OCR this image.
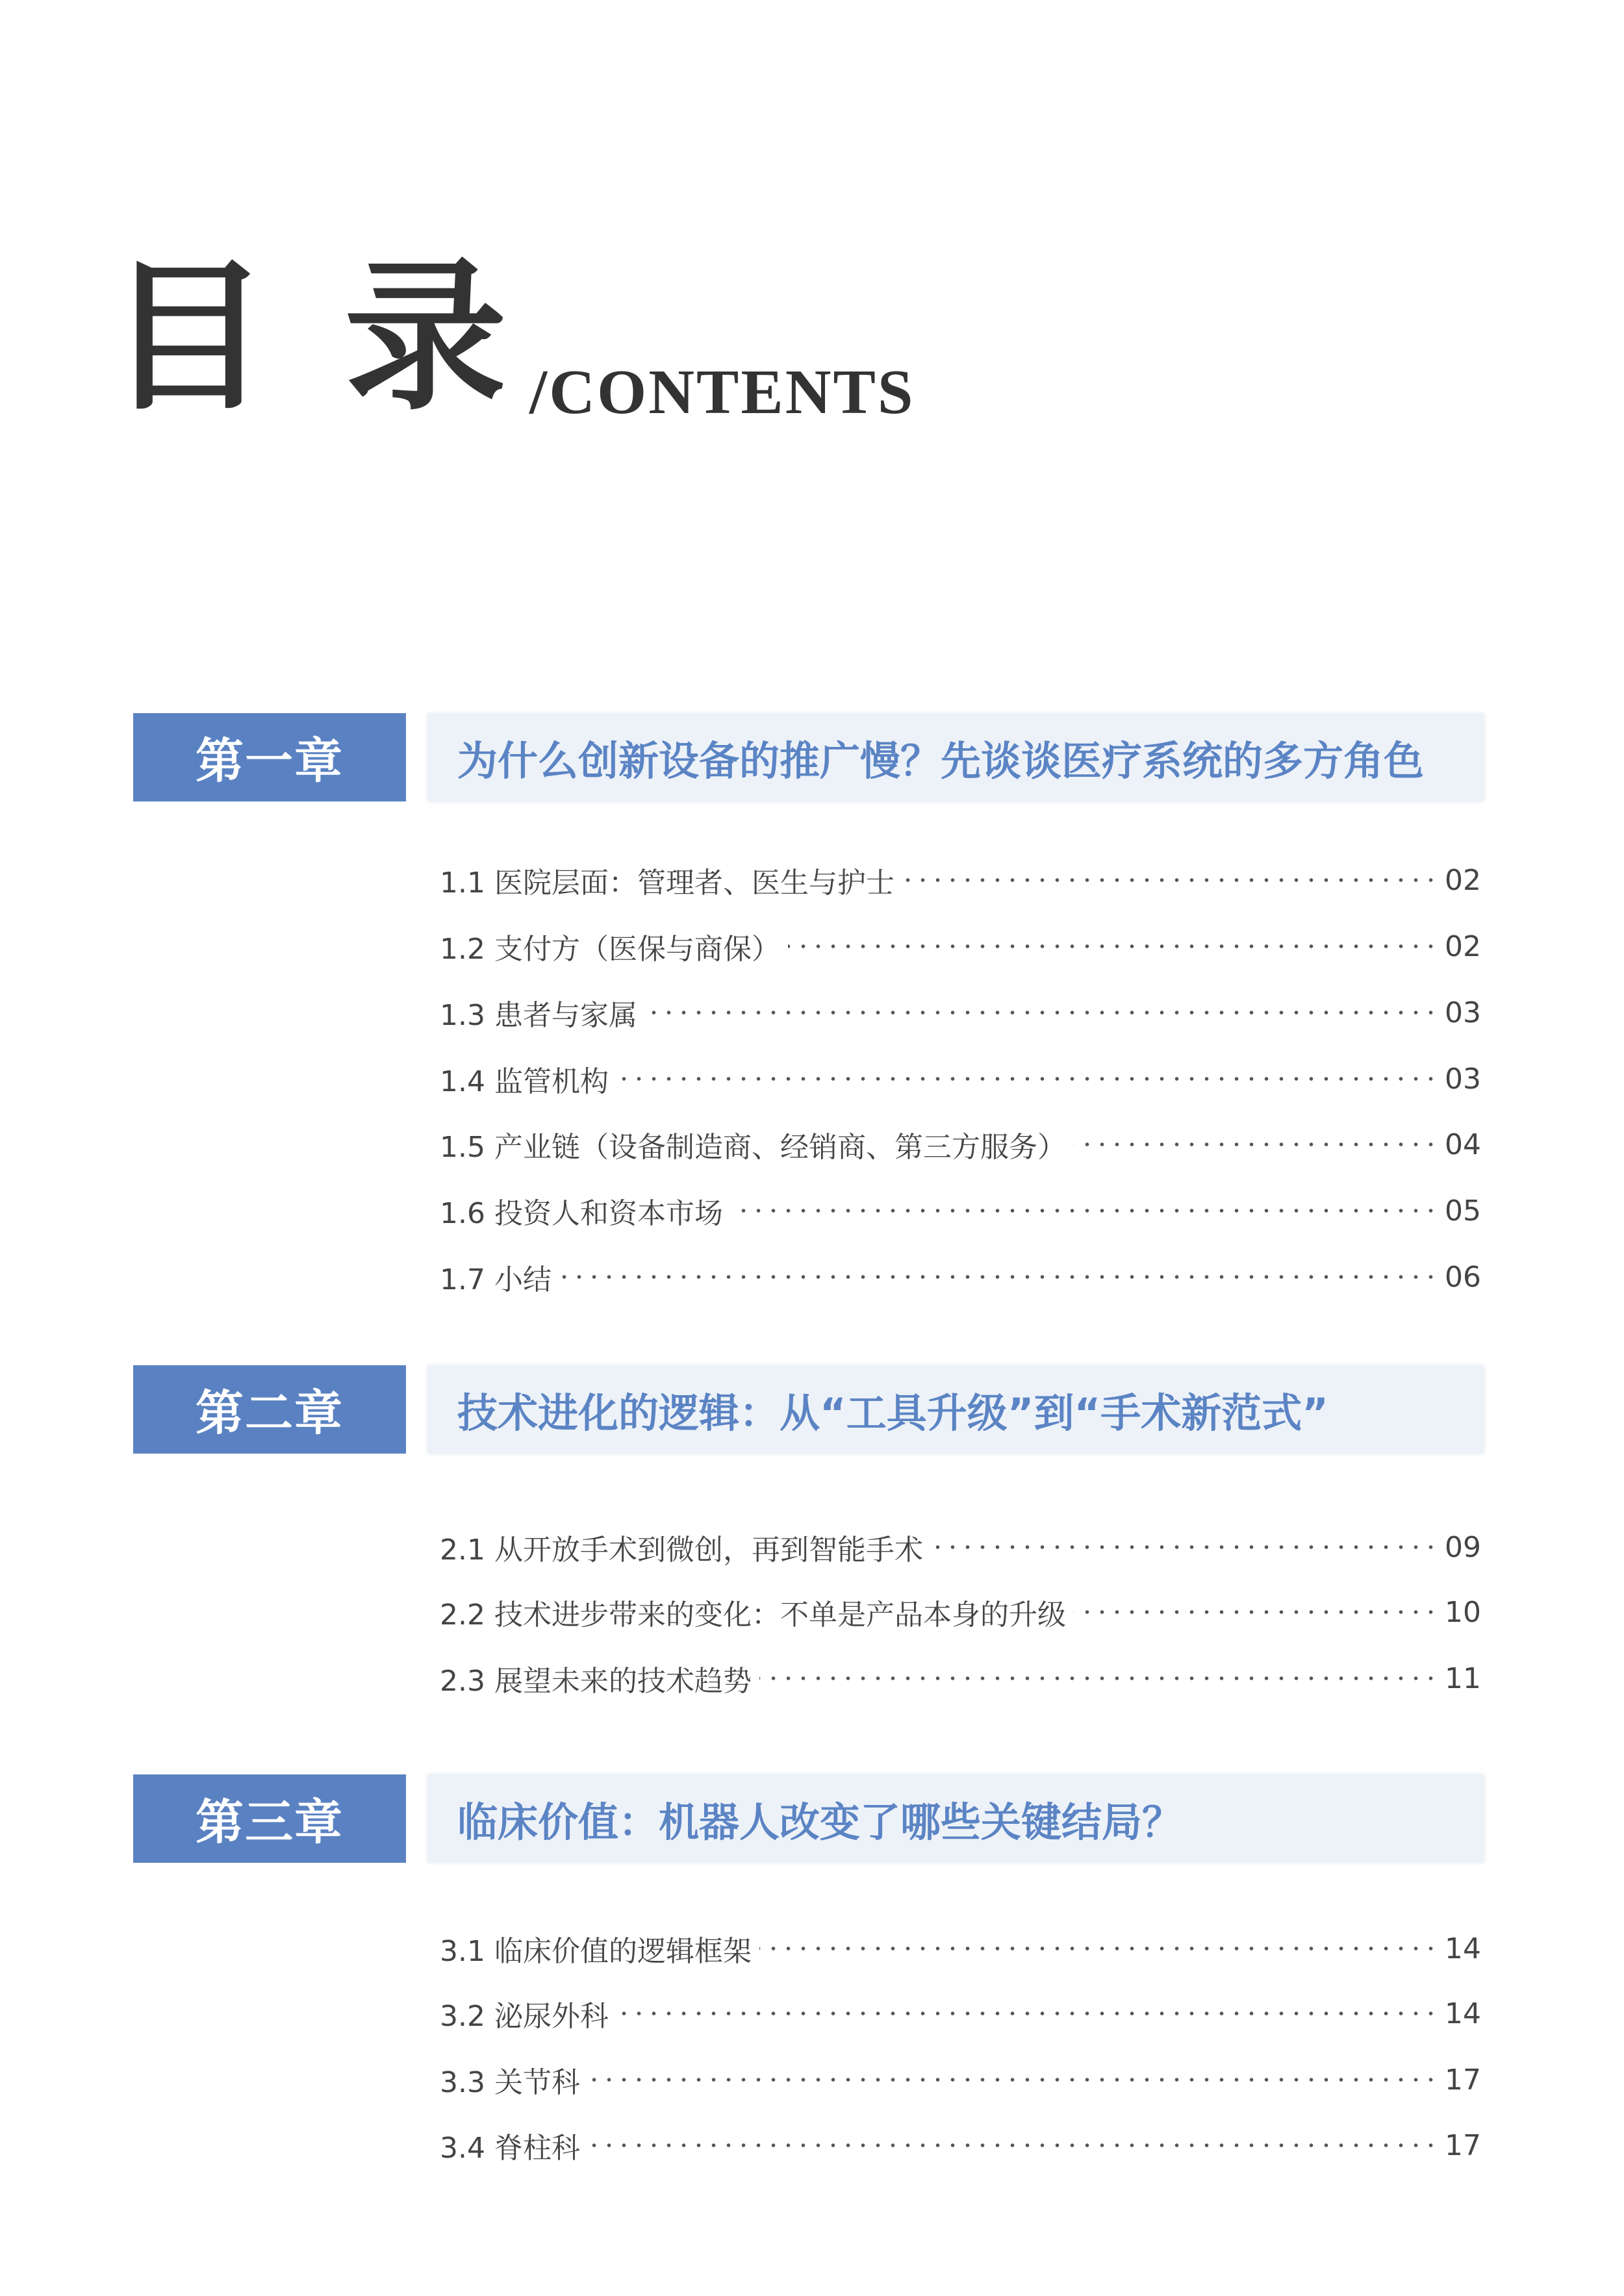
目 录 /CONTENTS
第一章	为什么创新设备的推广慢？先谈谈医疗系统的多方角色
1.1 医院层面：管理者、医生与护士	02
1.2 支付方（医保与商保）	02
1.3 患者与家属	03
1.4 监管机构	03
1.5 产业链（设备制造商、经销商、第三方服务）	04
1.6 投资人和资本市场	05
1.7 小结	06
第二章	技术进化的逻辑：从“工具升级”到“手术新范式”
2.1 从开放手术到微创，再到智能手术	09
2.2 技术进步带来的变化：不单是产品本身的升级	10
2.3 展望未来的技术趋势	11
第三章	临床价值：机器人改变了哪些关键结局？
3.1 临床价值的逻辑框架	14
3.2 泌尿外科	14
3.3 关节科	17
3.4 脊柱科	17
